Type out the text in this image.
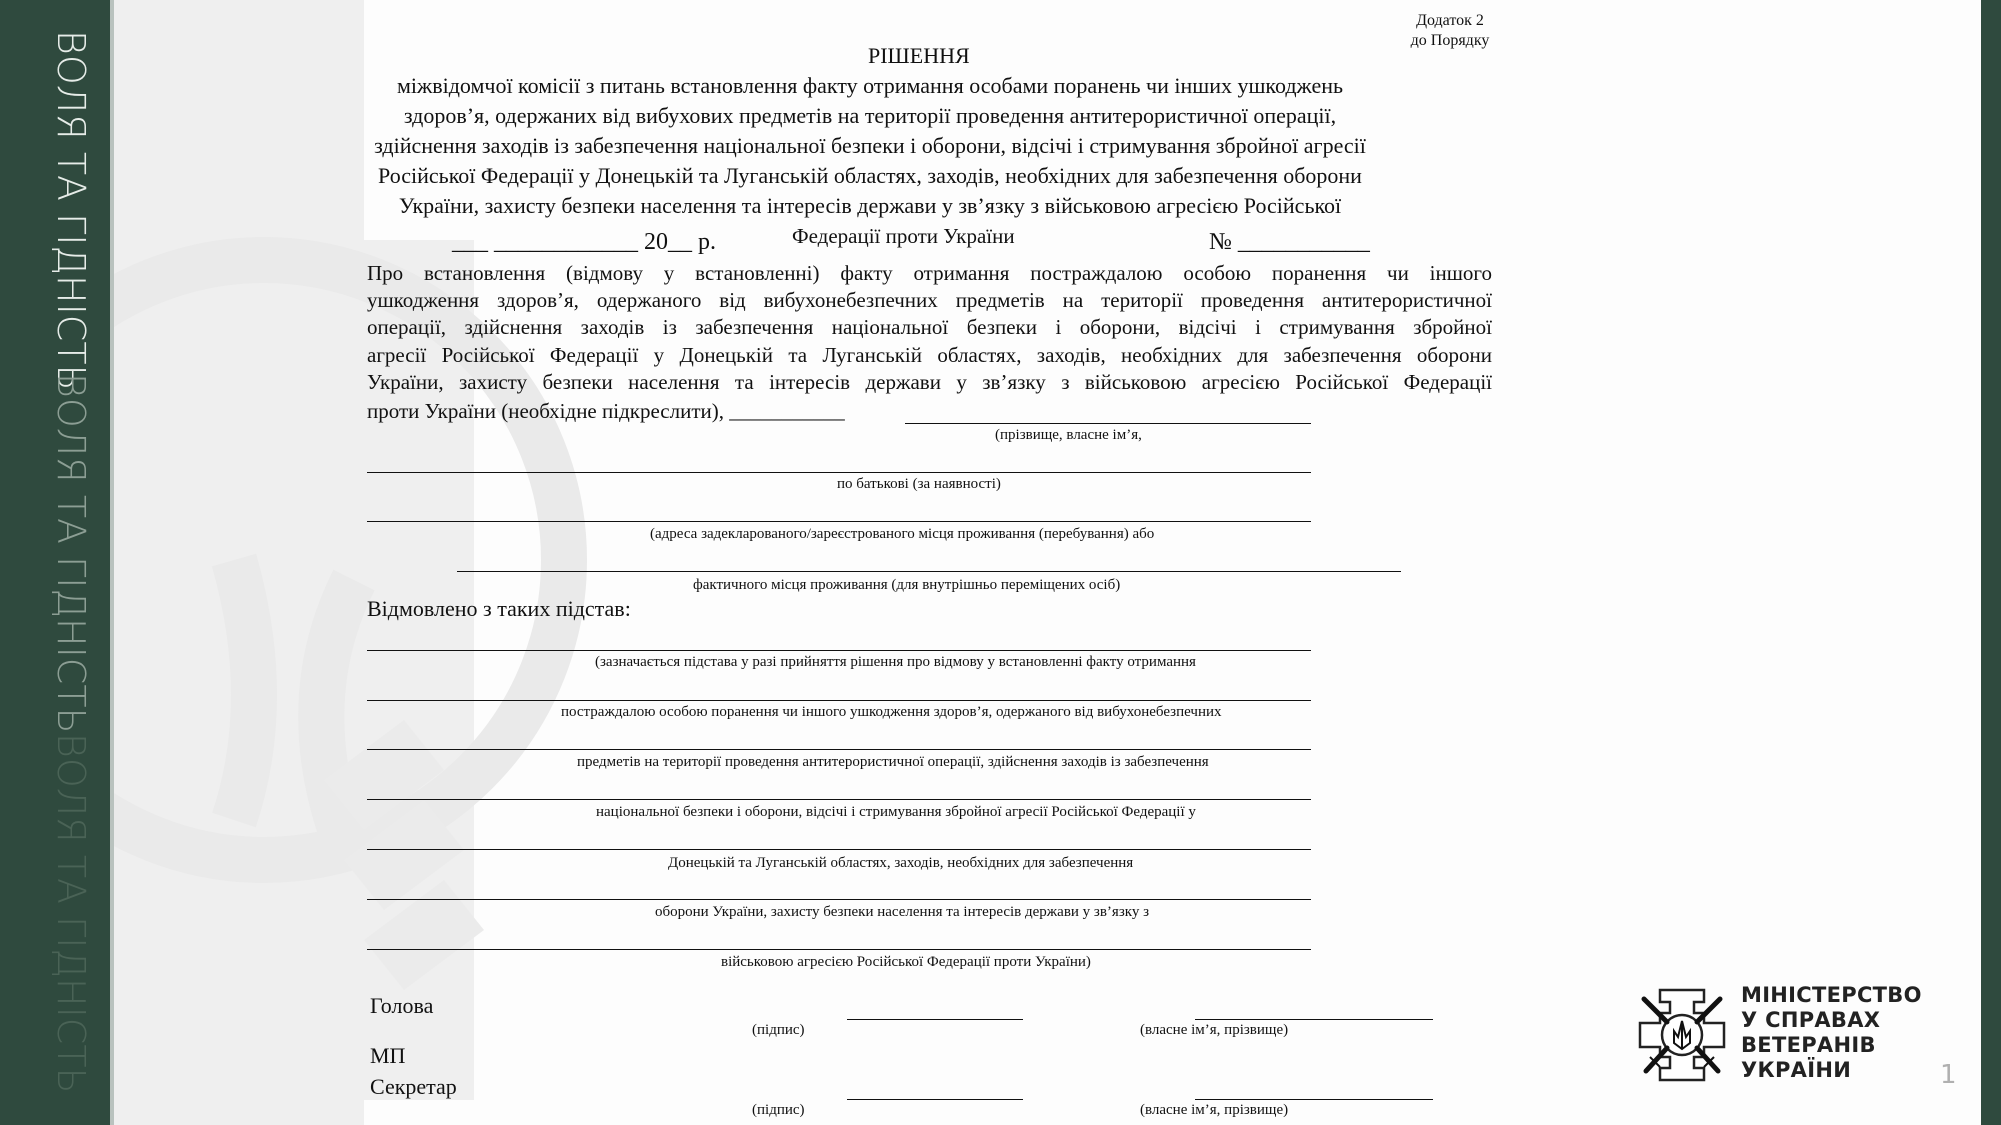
ВОЛЯ ТА ГІДНІСТЬ
ВОЛЯ ТА ГІДНІСТЬ
ВОЛЯ ТА ГІДНІСТЬ
Додаток 2
до Порядку
РІШЕННЯ
міжвідомчої комісії з питань встановлення факту отримання особами поранень чи інших ушкоджень
здоров’я, одержаних від вибухових предметів на території проведення антитерористичної операції,
здійснення заходів із забезпечення національної безпеки і оборони, відсічі і стримування збройної агресії
Російської Федерації у Донецькій та Луганській областях, заходів, необхідних для забезпечення оборони
України, захисту безпеки населення та інтересів держави у зв’язку з військовою агресією Російської
Федерації проти України
___ ____________ 20__ р.	№ ___________
Про встановлення (відмову у встановленні) факту отримання постраждалою особою поранення чи іншого
ушкодження здоров’я, одержаного від вибухонебезпечних предметів на території проведення антитерористичної
операції, здійснення заходів із забезпечення національної безпеки і оборони, відсічі і стримування збройної
агресії Російської Федерації у Донецькій та Луганській областях, заходів, необхідних для забезпечення оборони
України, захисту безпеки населення та інтересів держави у зв’язку з військовою агресією Російської Федерації
проти України (необхідне підкреслити), ___________
(прізвище, власне ім’я,
по батькові (за наявності)
(адреса задекларованого/зареєстрованого місця проживання (перебування) або
фактичного місця проживання (для внутрішньо переміщених осіб)
Відмовлено з таких підстав:
(зазначається підстава у разі прийняття рішення про відмову у встановленні факту отримання
постраждалою особою поранення чи іншого ушкодження здоров’я, одержаного від вибухонебезпечних
предметів на території проведення антитерористичної операції, здійснення заходів із забезпечення
національної безпеки і оборони, відсічі і стримування збройної агресії Російської Федерації у
Донецькій та Луганській областях, заходів, необхідних для забезпечення
оборони України, захисту безпеки населення та інтересів держави у зв’язку з
військовою агресією Російської Федерації проти України)
Голова
(підпис)	(власне ім’я, прізвище)
МП
Секретар
(підпис)	(власне ім’я, прізвище)
МІНІСТЕРСТВО
У СПРАВАХ
ВЕТЕРАНІВ
УКРАЇНИ	1
